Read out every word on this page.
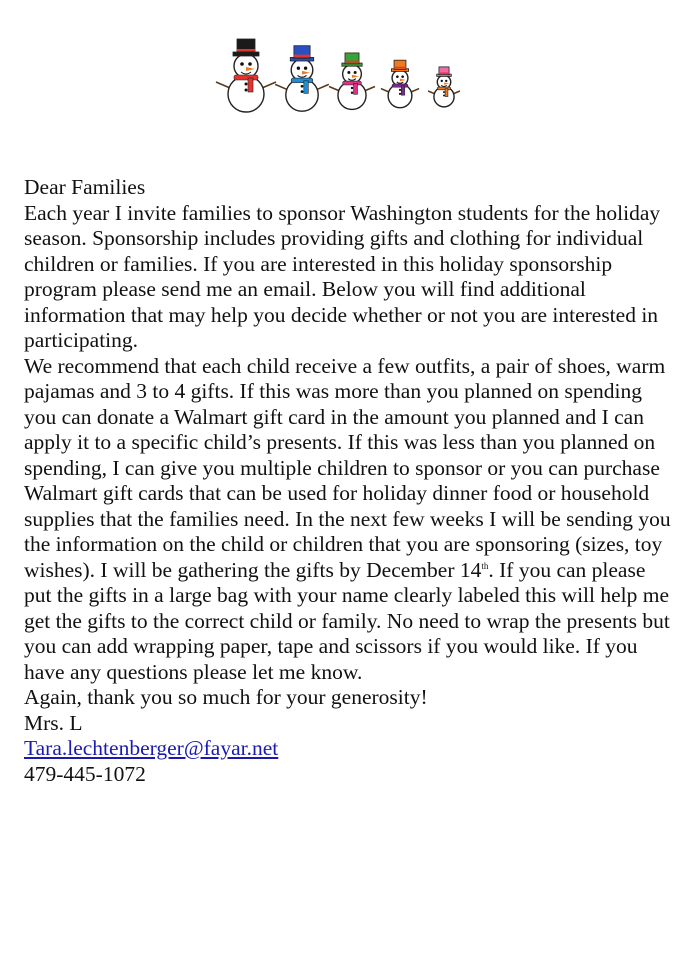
Dear Families

Each year I invite families to sponsor Washington students for the holiday season. Sponsorship includes providing gifts and clothing for individual children or families. If you are interested in this holiday sponsorship program please send me an email. Below you will find additional information that may help you decide whether or not you are interested in participating.

We recommend that each child receive a few outfits, a pair of shoes, warm pajamas and 3 to 4 gifts. If this was more than you planned on spending you can donate a Walmart gift card in the amount you planned and I can apply it to a specific child’s presents. If this was less than you planned on spending, I can give you multiple children to sponsor or you can purchase Walmart gift cards that can be used for holiday dinner food or household supplies that the families need. In the next few weeks I will be sending you the information on the child or children that you are sponsoring (sizes, toy wishes). I will be gathering the gifts by December 14th. If you can please put the gifts in a large bag with your name clearly labeled this will help me get the gifts to the correct child or family. No need to wrap the presents but you can add wrapping paper, tape and scissors if you would like. If you have any questions please let me know.

Again, thank you so much for your generosity!

Mrs. L

Tara.lechtenberger@fayar.net

479-445-1072
